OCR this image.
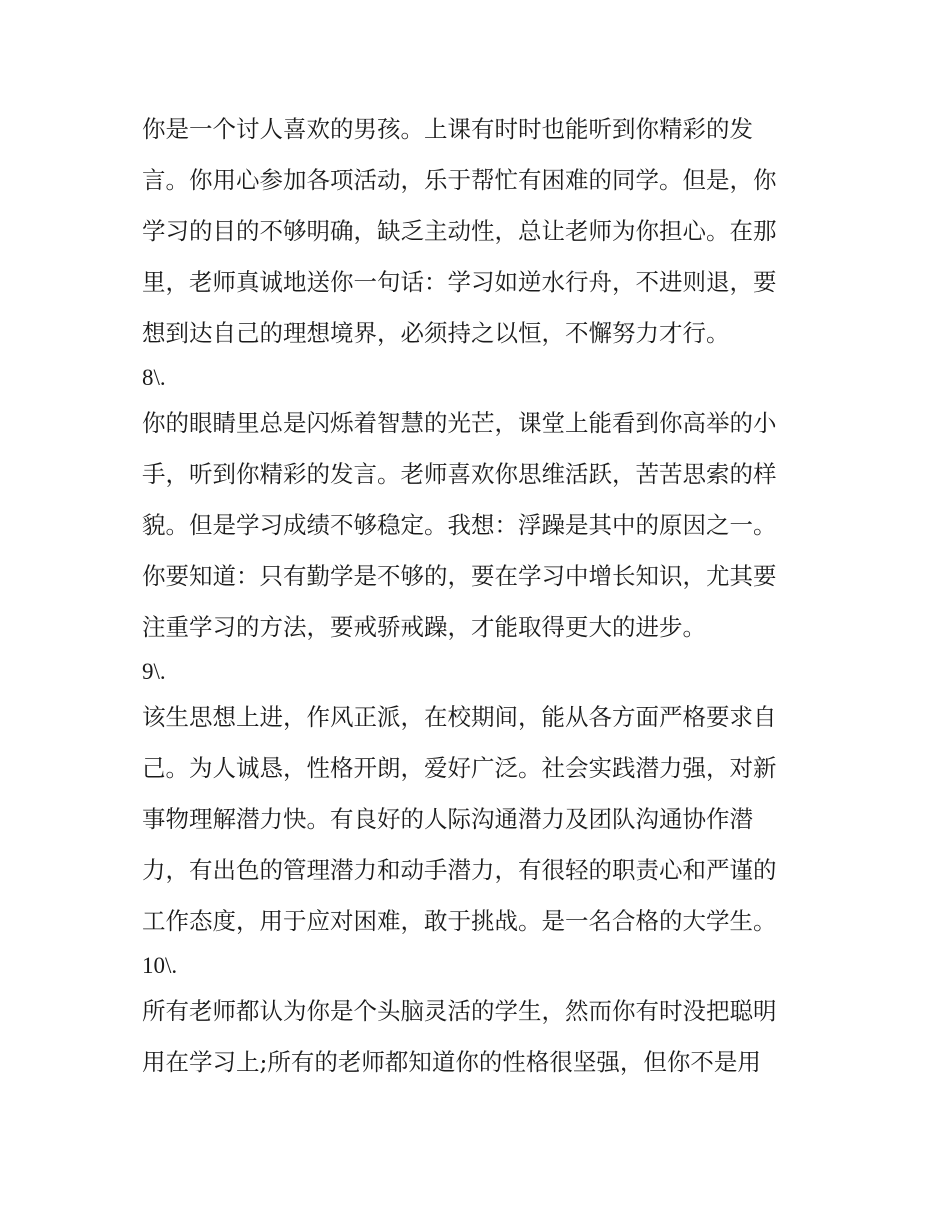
你是一个讨人喜欢的男孩。上课有时时也能听到你精彩的发
言。你用心参加各项活动，乐于帮忙有困难的同学。但是，你
学习的目的不够明确，缺乏主动性，总让老师为你担心。在那
里，老师真诚地送你一句话：学习如逆水行舟，不进则退，要
想到达自己的理想境界，必须持之以恒，不懈努力才行。
8\.
你的眼睛里总是闪烁着智慧的光芒，课堂上能看到你高举的小
手，听到你精彩的发言。老师喜欢你思维活跃，苦苦思索的样
貌。但是学习成绩不够稳定。我想：浮躁是其中的原因之一。
你要知道：只有勤学是不够的，要在学习中增长知识，尤其要
注重学习的方法，要戒骄戒躁，才能取得更大的进步。
9\.
该生思想上进，作风正派，在校期间，能从各方面严格要求自
己。为人诚恳，性格开朗，爱好广泛。社会实践潜力强，对新
事物理解潜力快。有良好的人际沟通潜力及团队沟通协作潜
力，有出色的管理潜力和动手潜力，有很轻的职责心和严谨的
工作态度，用于应对困难，敢于挑战。是一名合格的大学生。
10\.
所有老师都认为你是个头脑灵活的学生，然而你有时没把聪明
用在学习上;所有的老师都知道你的性格很坚强，但你不是用
